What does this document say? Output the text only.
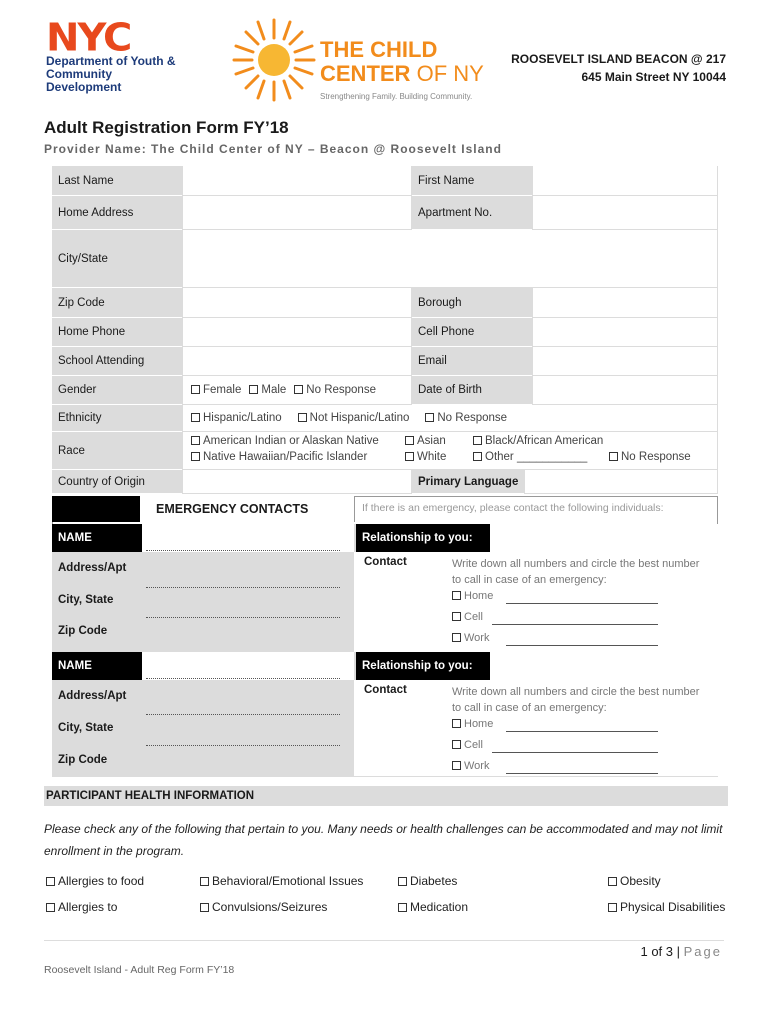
NYC
Department of Youth & Community Development
THE CHILD
CENTER OF NY
Strengthening Family. Building Community.
ROOSEVELT ISLAND BEACON @ 217
645 Main Street NY 10044
Adult Registration Form FY’18
Provider Name: The Child Center of NY – Beacon @ Roosevelt Island
Last Name	First Name
Home Address	Apartment No.
City/State
Zip Code	Borough
Home Phone	Cell Phone
School Attending	Email
Gender	Female	Male	No Response	Date of Birth
Ethnicity	Hispanic/Latino	Not Hispanic/Latino	No Response
Race
American Indian or Alaskan Native	Asian	Black/African American
Native Hawaiian/Pacific Islander	White	Other ___________	No Response
Country of Origin	Primary Language
EMERGENCY CONTACTS	If there is an emergency, please contact the following individuals:
NAME	Relationship to you:
Address/Apt
City, State
Zip Code
Contact	Write down all numbers and circle the best number to call in case of an emergency:
Home
Cell
Work
NAME	Relationship to you:
Address/Apt
City, State
Zip Code
Contact	Write down all numbers and circle the best number to call in case of an emergency:
Home
Cell
Work
PARTICIPANT HEALTH INFORMATION
Please check any of the following that pertain to you. Many needs or health challenges can be accommodated and may not limit enrollment in the program.
Allergies to food	Behavioral/Emotional Issues	Diabetes	Obesity
Allergies to	Convulsions/Seizures	Medication	Physical Disabilities
1 of 3 | Page
Roosevelt Island - Adult Reg Form FY’18
